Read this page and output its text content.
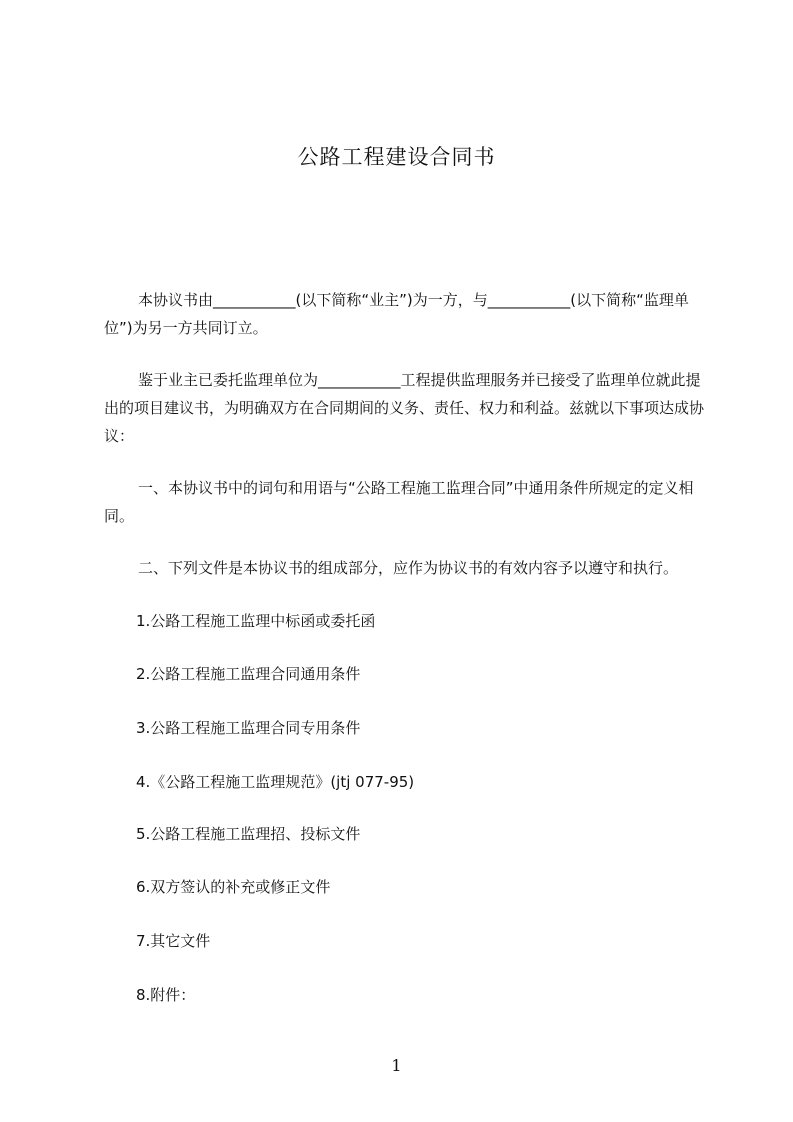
公路工程建设合同书

本协议书由___________(以下简称“业主”)为一方，与___________(以下简称“监理单位”)为另一方共同订立。

鉴于业主已委托监理单位为___________工程提供监理服务并已接受了监理单位就此提出的项目建议书，为明确双方在合同期间的义务、责任、权力和利益。兹就以下事项达成协议：

一、本协议书中的词句和用语与“公路工程施工监理合同”中通用条件所规定的定义相同。

二、下列文件是本协议书的组成部分，应作为协议书的有效内容予以遵守和执行。

1.公路工程施工监理中标函或委托函
2.公路工程施工监理合同通用条件
3.公路工程施工监理合同专用条件
4.《公路工程施工监理规范》(jtj 077-95)
5.公路工程施工监理招、投标文件
6.双方签认的补充或修正文件
7.其它文件
8.附件：
1
